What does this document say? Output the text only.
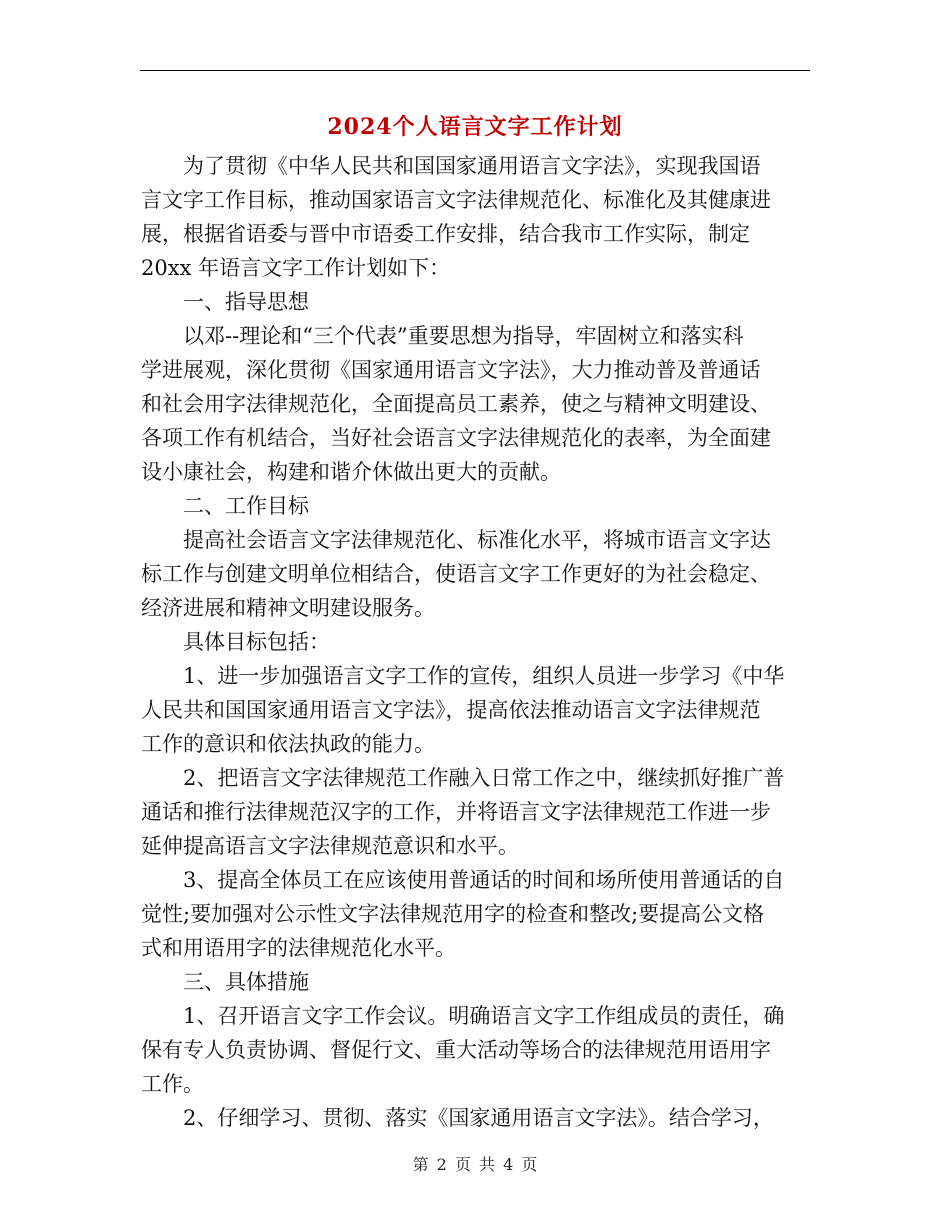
2024个人语言文字工作计划

　　为了贯彻《中华人民共和国国家通用语言文字法》，实现我国语

言文字工作目标，推动国家语言文字法律规范化、标准化及其健康进

展，根据省语委与晋中市语委工作安排，结合我市工作实际，制定

20xx 年语言文字工作计划如下：

　　一、指导思想

　　以邓--理论和“三个代表”重要思想为指导，牢固树立和落实科

学进展观，深化贯彻《国家通用语言文字法》，大力推动普及普通话

和社会用字法律规范化，全面提高员工素养，使之与精神文明建设、

各项工作有机结合，当好社会语言文字法律规范化的表率，为全面建

设小康社会，构建和谐介休做出更大的贡献。

　　二、工作目标

　　提高社会语言文字法律规范化、标准化水平，将城市语言文字达

标工作与创建文明单位相结合，使语言文字工作更好的为社会稳定、

经济进展和精神文明建设服务。

　　具体目标包括：

　　1、进一步加强语言文字工作的宣传，组织人员进一步学习《中华

人民共和国国家通用语言文字法》，提高依法推动语言文字法律规范

工作的意识和依法执政的能力。

　　2、把语言文字法律规范工作融入日常工作之中，继续抓好推广普

通话和推行法律规范汉字的工作，并将语言文字法律规范工作进一步

延伸提高语言文字法律规范意识和水平。

　　3、提高全体员工在应该使用普通话的时间和场所使用普通话的自

觉性;要加强对公示性文字法律规范用字的检查和整改;要提高公文格

式和用语用字的法律规范化水平。

　　三、具体措施

　　1、召开语言文字工作会议。明确语言文字工作组成员的责任，确

保有专人负责协调、督促行文、重大活动等场合的法律规范用语用字

工作。

　　2、仔细学习、贯彻、落实《国家通用语言文字法》。结合学习，

第 2 页 共 4 页
